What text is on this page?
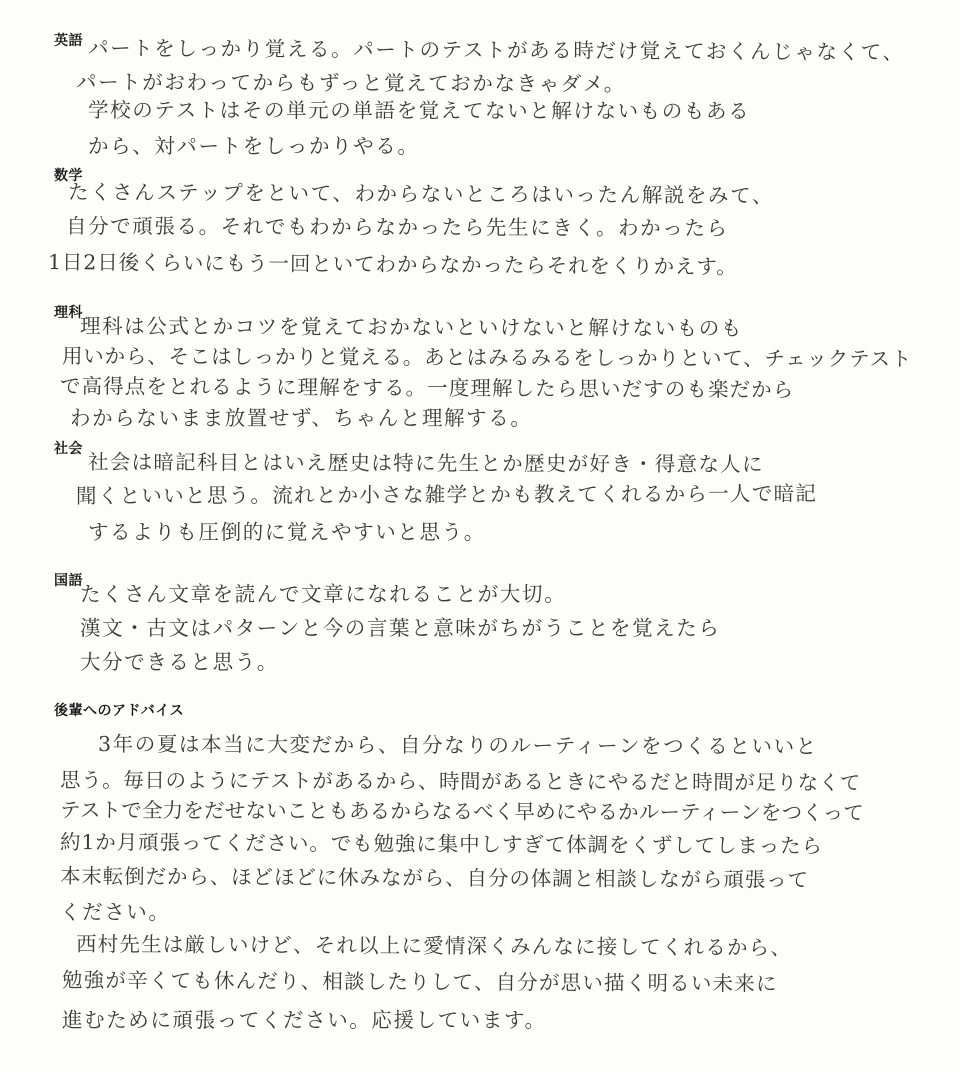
英語 パートをしっかり覚える。パートのテストがある時だけ覚えておくんじゃなくて、
パートがおわってからもずっと覚えておかなきゃダメ。
学校のテストはその単元の単語を覚えてないと解けないものもある
から、対パートをしっかりやる。
数学
たくさんステップをといて、わからないところはいったん解説をみて、
自分で頑張る。それでもわからなかったら先生にきく。わかったら
1日2日後くらいにもう一回といてわからなかったらそれをくりかえす。
理科
理科は公式とかコツを覚えておかないといけないと解けないものも
用いから、そこはしっかりと覚える。あとはみるみるをしっかりといて、チェックテスト
で高得点をとれるように理解をする。一度理解したら思いだすのも楽だから
わからないまま放置せず、ちゃんと理解する。
社会
社会は暗記科目とはいえ歴史は特に先生とか歴史が好き・得意な人に
聞くといいと思う。流れとか小さな雑学とかも教えてくれるから一人で暗記
するよりも圧倒的に覚えやすいと思う。
国語
たくさん文章を読んで文章になれることが大切。
漢文・古文はパターンと今の言葉と意味がちがうことを覚えたら
大分できると思う。
後輩へのアドバイス
3年の夏は本当に大変だから、自分なりのルーティーンをつくるといいと
思う。毎日のようにテストがあるから、時間があるときにやるだと時間が足りなくて
テストで全力をだせないこともあるからなるべく早めにやるかルーティーンをつくって
約1か月頑張ってください。でも勉強に集中しすぎて体調をくずしてしまったら
本末転倒だから、ほどほどに休みながら、自分の体調と相談しながら頑張って
ください。
西村先生は厳しいけど、それ以上に愛情深くみんなに接してくれるから、
勉強が辛くても休んだり、相談したりして、自分が思い描く明るい未来に
進むために頑張ってください。応援しています。
